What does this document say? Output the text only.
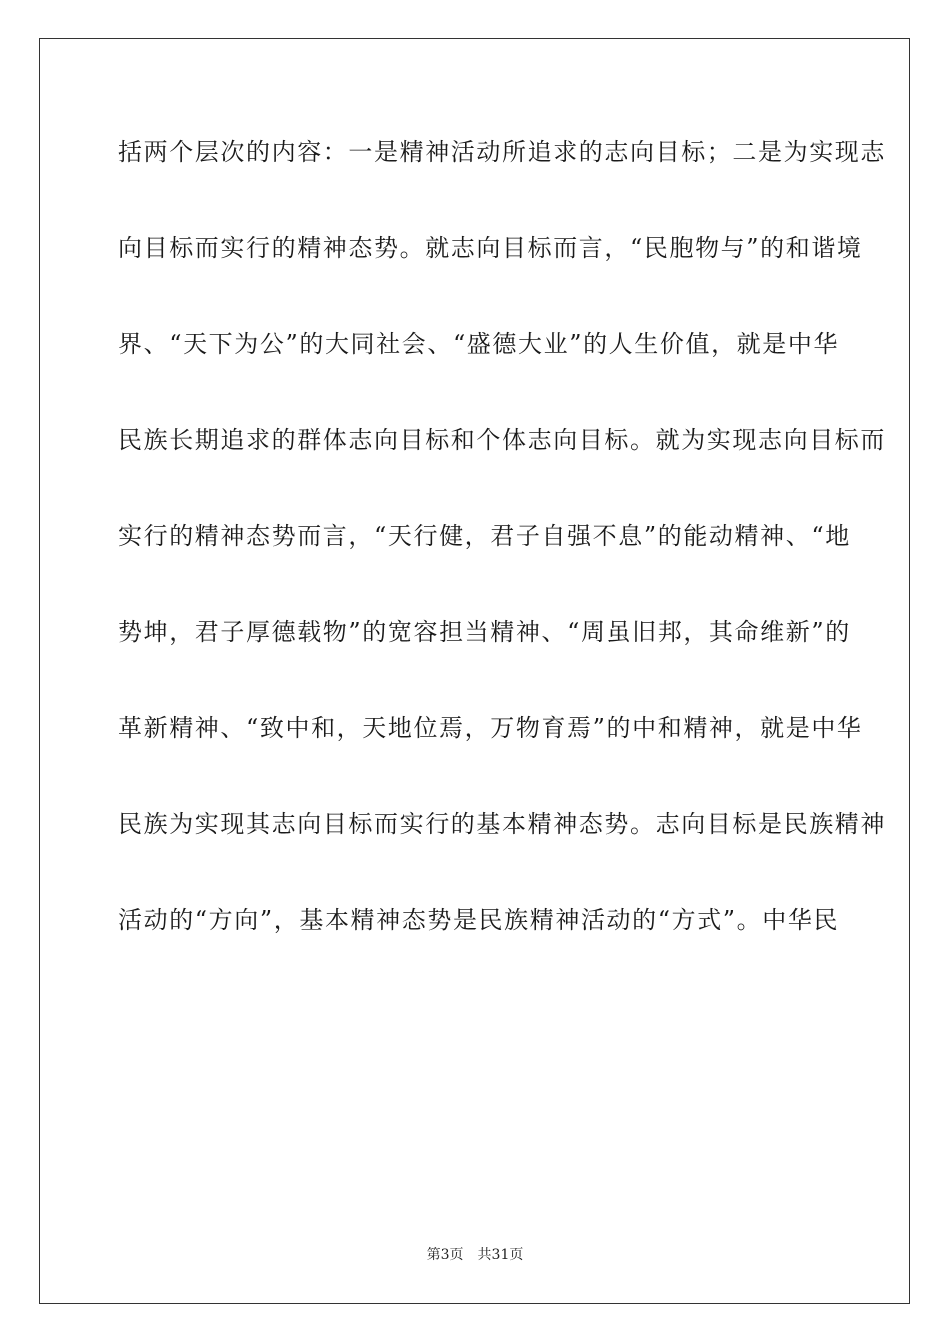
括两个层次的内容：一是精神活动所追求的志向目标；二是为实现志
向目标而实行的精神态势。就志向目标而言，“民胞物与”的和谐境
界、“天下为公”的大同社会、“盛德大业”的人生价值，就是中华
民族长期追求的群体志向目标和个体志向目标。就为实现志向目标而
实行的精神态势而言，“天行健，君子自强不息”的能动精神、“地
势坤，君子厚德载物”的宽容担当精神、“周虽旧邦，其命维新”的
革新精神、“致中和，天地位焉，万物育焉”的中和精神，就是中华
民族为实现其志向目标而实行的基本精神态势。志向目标是民族精神
活动的“方向”，基本精神态势是民族精神活动的“方式”。中华民
第3页 共31页
